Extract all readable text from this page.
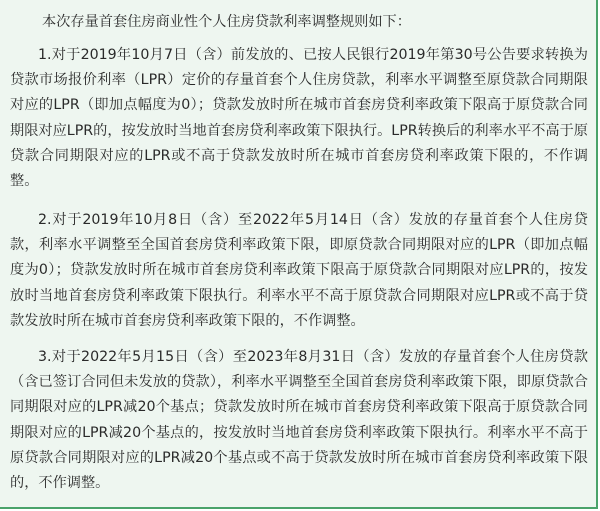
本次存量首套住房商业性个人住房贷款利率调整规则如下：

1.对于2019年10月7日（含）前发放的、已按人民银行2019年第30号公告要求转换为贷款市场报价利率（LPR）定价的存量首套个人住房贷款，利率水平调整至原贷款合同期限对应的LPR（即加点幅度为0）；贷款发放时所在城市首套房贷利率政策下限高于原贷款合同期限对应LPR的，按发放时当地首套房贷利率政策下限执行。LPR转换后的利率水平不高于原贷款合同期限对应的LPR或不高于贷款发放时所在城市首套房贷利率政策下限的，不作调整。

2.对于2019年10月8日（含）至2022年5月14日（含）发放的存量首套个人住房贷款，利率水平调整至全国首套房贷利率政策下限，即原贷款合同期限对应的LPR（即加点幅度为0）；贷款发放时所在城市首套房贷利率政策下限高于原贷款合同期限对应LPR的，按发放时当地首套房贷利率政策下限执行。利率水平不高于原贷款合同期限对应LPR或不高于贷款发放时所在城市首套房贷利率政策下限的，不作调整。

3.对于2022年5月15日（含）至2023年8月31日（含）发放的存量首套个人住房贷款（含已签订合同但未发放的贷款），利率水平调整至全国首套房贷利率政策下限，即原贷款合同期限对应的LPR减20个基点；贷款发放时所在城市首套房贷利率政策下限高于原贷款合同期限对应的LPR减20个基点的，按发放时当地首套房贷利率政策下限执行。利率水平不高于原贷款合同期限对应的LPR减20个基点或不高于贷款发放时所在城市首套房贷利率政策下限的，不作调整。
